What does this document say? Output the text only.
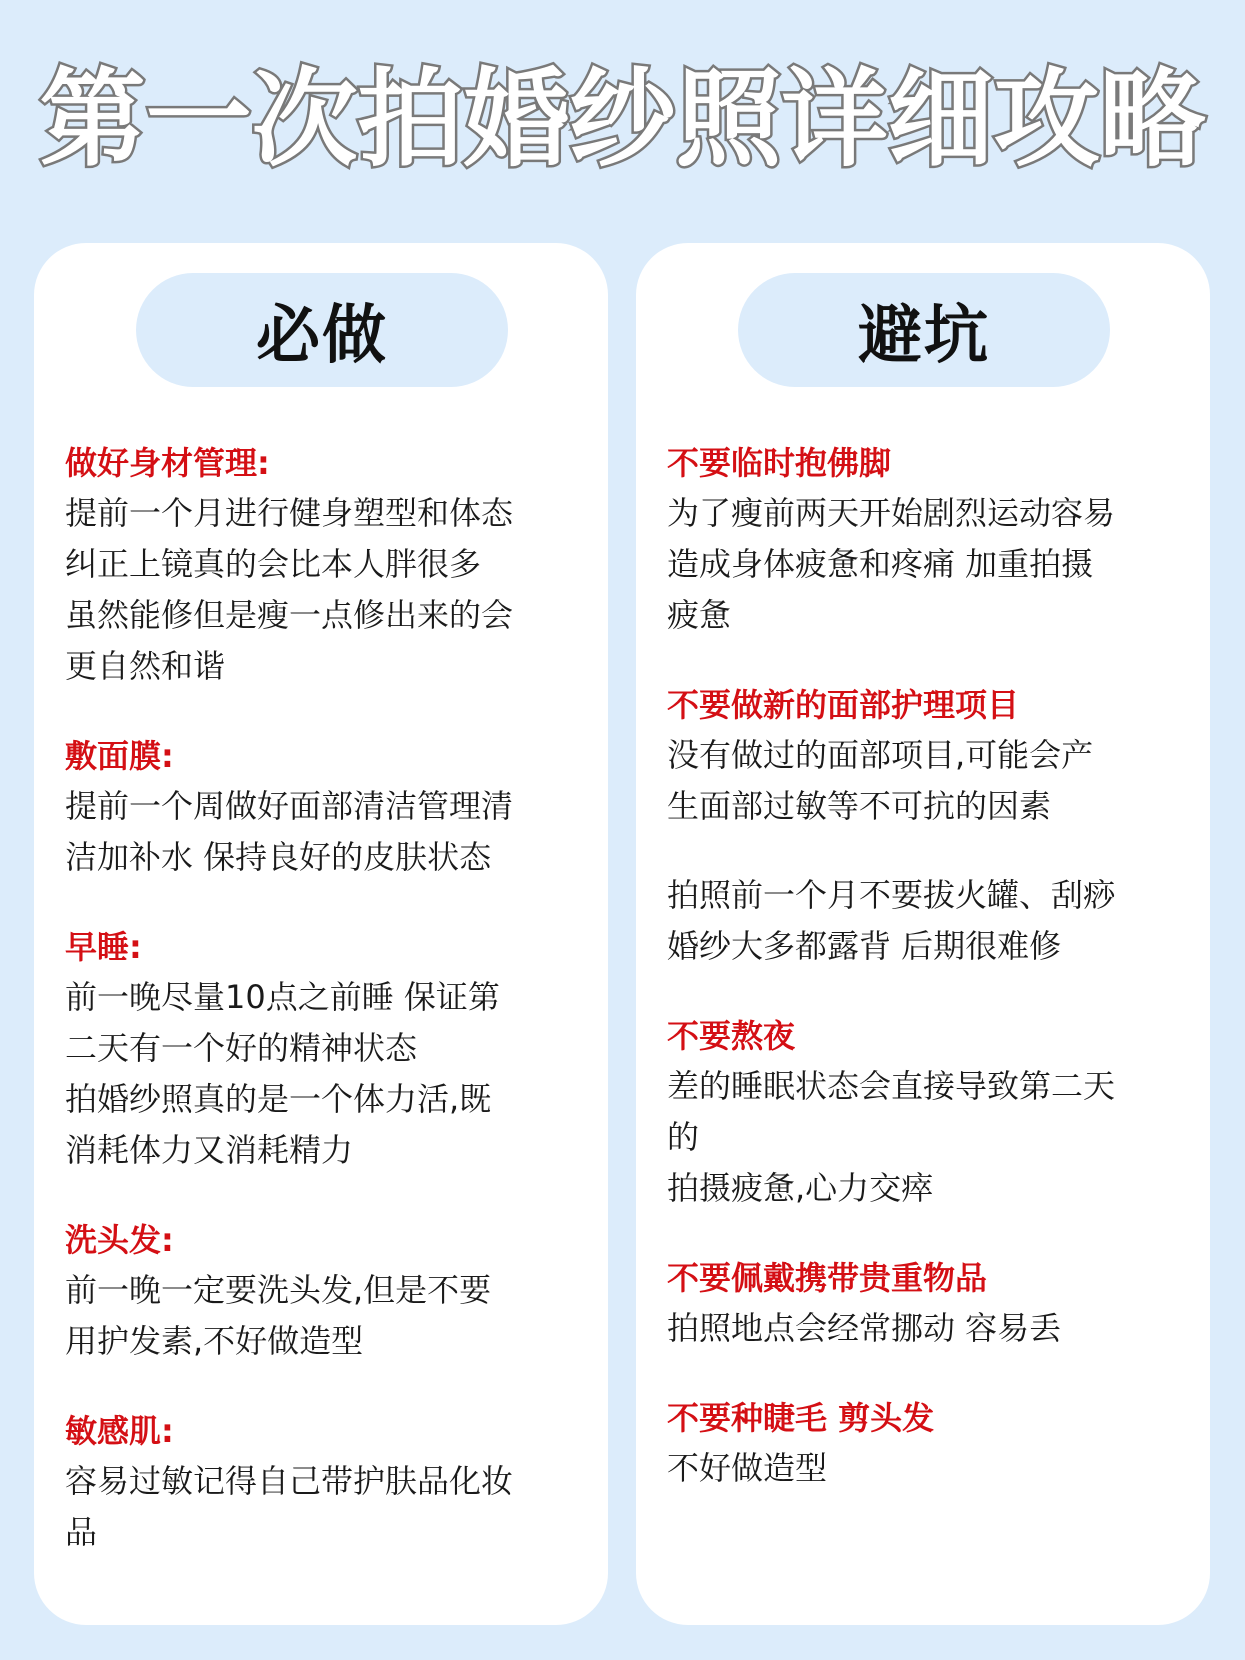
第一次拍婚纱照详细攻略
必做
做好身材管理:
提前一个月进行健身塑型和体态
纠正上镜真的会比本人胖很多
虽然能修但是瘦一点修出来的会
更自然和谐
敷面膜:
提前一个周做好面部清洁管理清
洁加补水 保持良好的皮肤状态
早睡:
前一晚尽量10点之前睡 保证第
二天有一个好的精神状态
拍婚纱照真的是一个体力活,既
消耗体力又消耗精力
洗头发:
前一晚一定要洗头发,但是不要
用护发素,不好做造型
敏感肌:
容易过敏记得自己带护肤品化妆
品
避坑
不要临时抱佛脚
为了瘦前两天开始剧烈运动容易
造成身体疲惫和疼痛 加重拍摄
疲惫
不要做新的面部护理项目
没有做过的面部项目,可能会产
生面部过敏等不可抗的因素
拍照前一个月不要拔火罐、刮痧
婚纱大多都露背 后期很难修
不要熬夜
差的睡眠状态会直接导致第二天
的
拍摄疲惫,心力交瘁
不要佩戴携带贵重物品
拍照地点会经常挪动 容易丢
不要种睫毛 剪头发
不好做造型
